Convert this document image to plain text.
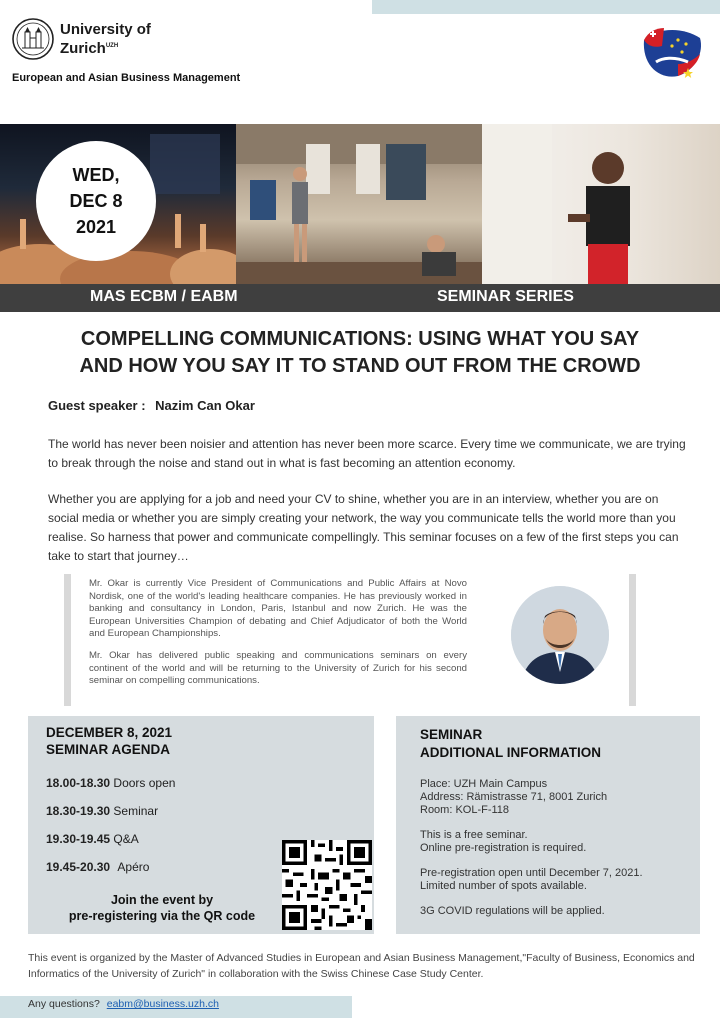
University of
Zurich$^{UZH}$
European and Asian Business Management
WED,
DEC 8
2021
MAS ECBM / EABM	SEMINAR SERIES
COMPELLING COMMUNICATIONS: USING WHAT YOU SAY
AND HOW YOU SAY IT TO STAND OUT FROM THE CROWD
Guest speaker : Nazim Can Okar
The world has never been noisier and attention has never been more scarce. Every time we communicate, we are trying to break through the noise and stand out in what is fast becoming an attention economy.
Whether you are applying for a job and need your CV to shine, whether you are in an interview, whether you are on social media or whether you are simply creating your network, the way you communicate tells the world more than you realise. So harness that power and communicate compellingly. This seminar focuses on a few of the first steps you can take to start that journey…

Mr. Okar is currently Vice President of Communications and Public Affairs at Novo Nordisk, one of the world's leading healthcare companies. He has previously worked in banking and consultancy in London, Paris, Istanbul and now Zurich. He was the European Universities Champion of debating and Chief Adjudicator of both the World and European Championships.

Mr. Okar has delivered public speaking and communications seminars on every continent of the world and will be returning to the University of Zurich for his second seminar on compelling communications.

DECEMBER 8, 2021
SEMINAR AGENDA
18.00-18.30 Doors open
18.30-19.30 Seminar
19.30-19.45 Q&A
19.45-20.30 Apéro
Join the event by
pre-registering via the QR code
SEMINAR
ADDITIONAL INFORMATION
Place: UZH Main Campus
Address: Rämistrasse 71, 8001 Zurich
Room: KOL-F-118
This is a free seminar.
Online pre-registration is required.
Pre-registration open until December 7, 2021.
Limited number of spots available.
3G COVID regulations will be applied.
This event is organized by the Master of Advanced Studies in European and Asian Business Management,"Faculty of Business, Economics and Informatics of the University of Zurich" in collaboration with the Swiss Chinese Case Study Center.
Any questions? eabm@business.uzh.ch
